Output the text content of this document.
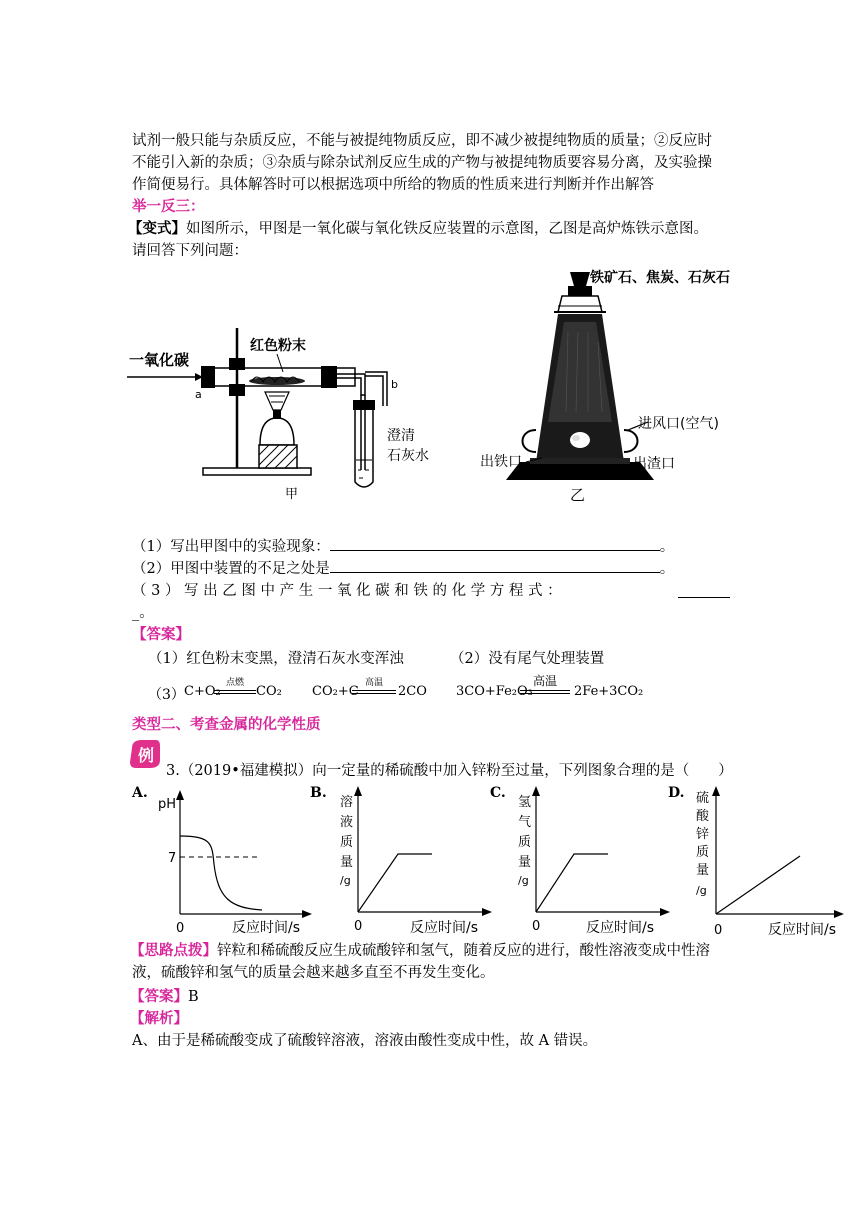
试剂一般只能与杂质反应，不能与被提纯物质反应，即不减少被提纯物质的质量；②反应时
不能引入新的杂质；③杂质与除杂试剂反应生成的产物与被提纯物质要容易分离，及实验操
作简便易行。具体解答时可以根据选项中所给的物质的性质来进行判断并作出解答
举一反三：
【变式】如图所示，甲图是一氧化碳与氧化铁反应装置的示意图，乙图是高炉炼铁示意图。
请回答下列问题：
一氧化碳
a
红色粉末
b
澄清
石灰水
甲
铁矿石、焦炭、石灰石
进风口(空气)
出铁口	出渣口
乙
（1）写出甲图中的实验现象：	。
（2）甲图中装置的不足之处是	。
（ 3 ） 写 出 乙 图 中 产 生 一 氧 化 碳 和 铁 的 化 学 方 程 式 ：
_。
【答案】
（1）红色粉末变黑，澄清石灰水变浑浊	（2）没有尾气处理装置
（3） C+O₂
点燃
CO₂ CO₂+C
高温
2CO 3CO+Fe₂O₃
高温
2Fe+3CO₂
类型二、考查金属的化学性质
例
3.（2019•福建模拟）向一定量的稀硫酸中加入锌粉至过量，下列图象合理的是（　　）
A.	B.	C.	D.
pH
7
0	反应时间/s
溶
液
质
量
/g
0	反应时间/s
氢
气
质
量
/g
0	反应时间/s
硫
酸
锌
质
量
/g
0	反应时间/s
【思路点拨】锌粒和稀硫酸反应生成硫酸锌和氢气，随着反应的进行，酸性溶液变成中性溶
液，硫酸锌和氢气的质量会越来越多直至不再发生变化。
【答案】B
【解析】
A、由于是稀硫酸变成了硫酸锌溶液，溶液由酸性变成中性，故 A 错误。
